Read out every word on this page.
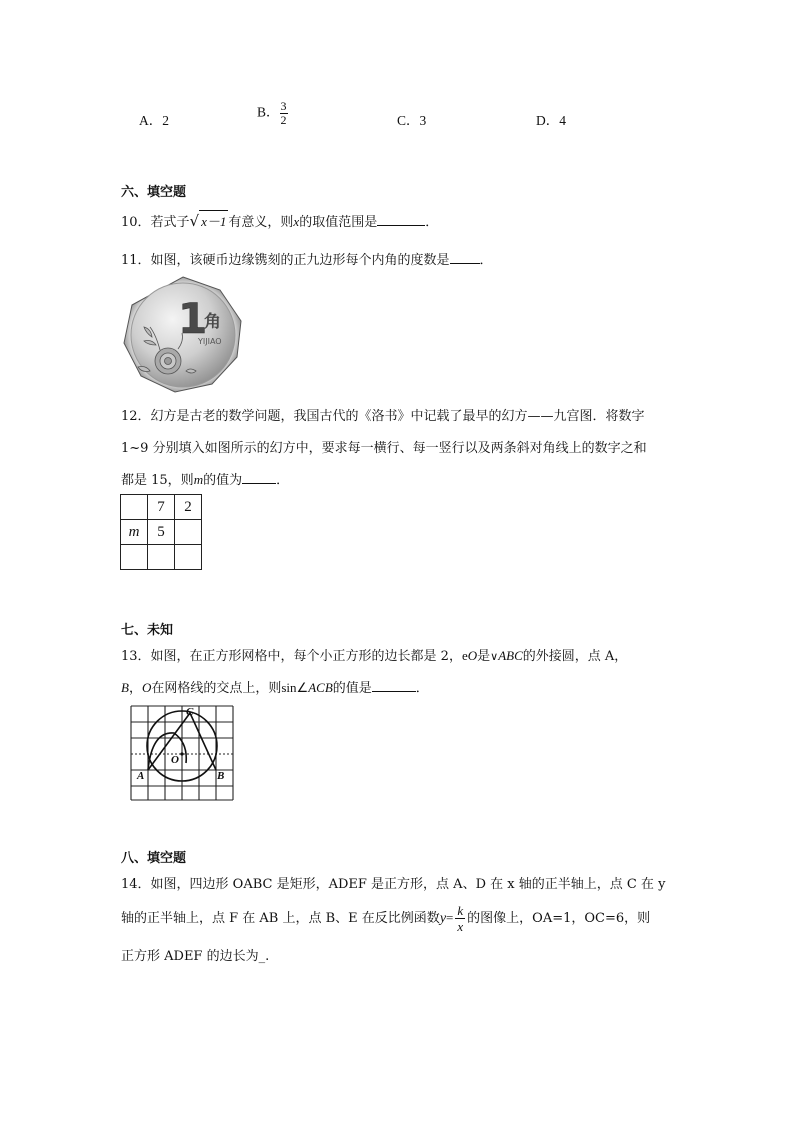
A．2
B． $\frac{3}{2}$	C．3	D．4
六、填空题
10．若式子 √ x－1 有意义，则x的取值范围是	．
11．如图，该硬币边缘镌刻的正九边形每个内角的度数是 ．
1
角
YIJIAO
12．幻方是古老的数学问题，我国古代的《洛书》中记载了最早的幻方——九宫图．将数字
1~9 分别填入如图所示的幻方中，要求每一横行、每一竖行以及两条斜对角线上的数字之和
都是 15，则m的值为	．
	7	2
m	5	

七、未知
13．如图，在正方形网格中，每个小正方形的边长都是 2，eO是∨ABC的外接圆，点 A，
B，O在网格线的交点上，则sin∠ACB的值是	．
C
O
A	B
八、填空题
14．如图，四边形 OABC 是矩形，ADEF 是正方形，点 A、D 在 x 轴的正半轴上，点 C 在 y
轴的正半轴上，点 F 在 AB 上，点 B、E 在反比例函数$y= \frac{k}{x}$ 的图像上，OA=1，OC=6，则
正方形 ADEF 的边长为_.
